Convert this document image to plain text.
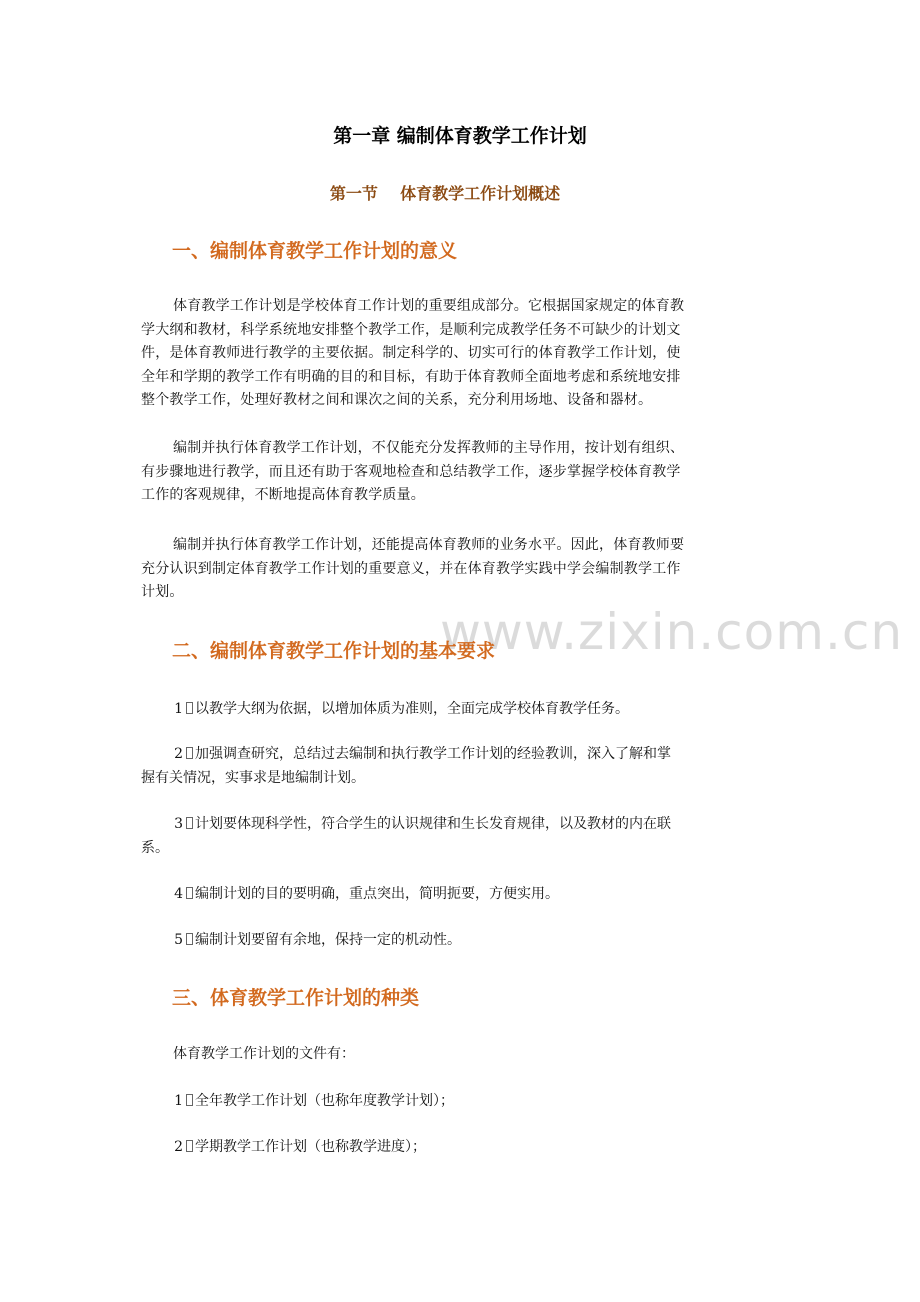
www.zixin.com.cn
第一章 编制体育教学工作计划
第一节    体育教学工作计划概述
一、编制体育教学工作计划的意义
体育教学工作计划是学校体育工作计划的重要组成部分。它根据国家规定的体育教
学大纲和教材，科学系统地安排整个教学工作，是顺利完成教学任务不可缺少的计划文
件，是体育教师进行教学的主要依据。制定科学的、切实可行的体育教学工作计划，使
全年和学期的教学工作有明确的目的和目标，有助于体育教师全面地考虑和系统地安排
整个教学工作，处理好教材之间和课次之间的关系，充分利用场地、设备和器材。
编制并执行体育教学工作计划，不仅能充分发挥教师的主导作用，按计划有组织、
有步骤地进行教学，而且还有助于客观地检查和总结教学工作，逐步掌握学校体育教学
工作的客观规律，不断地提高体育教学质量。
编制并执行体育教学工作计划，还能提高体育教师的业务水平。因此，体育教师要
充分认识到制定体育教学工作计划的重要意义，并在体育教学实践中学会编制教学工作
计划。
二、编制体育教学工作计划的基本要求
1 以教学大纲为依据，以增加体质为准则，全面完成学校体育教学任务。
2 加强调查研究，总结过去编制和执行教学工作计划的经验教训，深入了解和掌
握有关情况，实事求是地编制计划。
3 计划要体现科学性，符合学生的认识规律和生长发育规律，以及教材的内在联
系。
4 编制计划的目的要明确，重点突出，简明扼要，方便实用。
5 编制计划要留有余地，保持一定的机动性。
三、体育教学工作计划的种类
体育教学工作计划的文件有：
1 全年教学工作计划（也称年度教学计划）；
2 学期教学工作计划（也称教学进度）；
